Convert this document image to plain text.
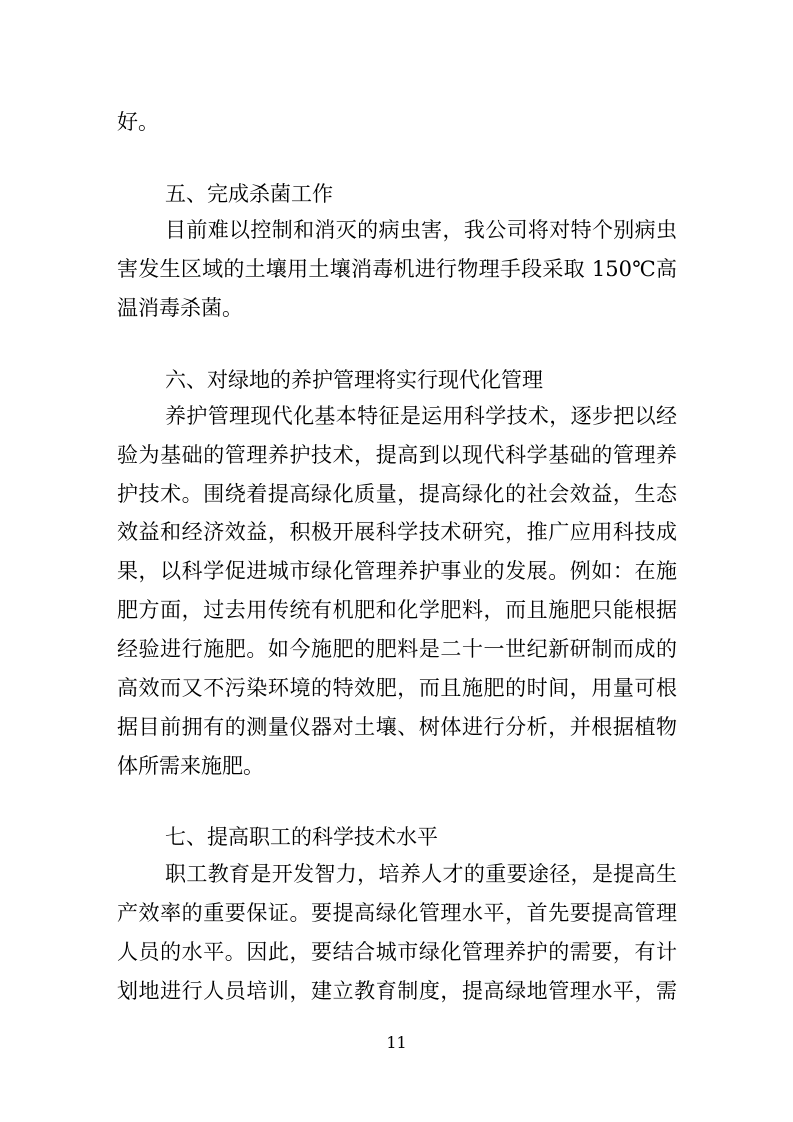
好。
五、完成杀菌工作
目前难以控制和消灭的病虫害，我公司将对特个别病虫
害发生区域的土壤用土壤消毒机进行物理手段采取 150℃高
温消毒杀菌。
六、对绿地的养护管理将实行现代化管理
养护管理现代化基本特征是运用科学技术，逐步把以经
验为基础的管理养护技术，提高到以现代科学基础的管理养
护技术。围绕着提高绿化质量，提高绿化的社会效益，生态
效益和经济效益，积极开展科学技术研究，推广应用科技成
果，以科学促进城市绿化管理养护事业的发展。例如：在施
肥方面，过去用传统有机肥和化学肥料，而且施肥只能根据
经验进行施肥。如今施肥的肥料是二十一世纪新研制而成的
高效而又不污染环境的特效肥，而且施肥的时间，用量可根
据目前拥有的测量仪器对土壤、树体进行分析，并根据植物
体所需来施肥。
七、提高职工的科学技术水平
职工教育是开发智力，培养人才的重要途径，是提高生
产效率的重要保证。要提高绿化管理水平，首先要提高管理
人员的水平。因此，要结合城市绿化管理养护的需要，有计
划地进行人员培训，建立教育制度，提高绿地管理水平，需
11
